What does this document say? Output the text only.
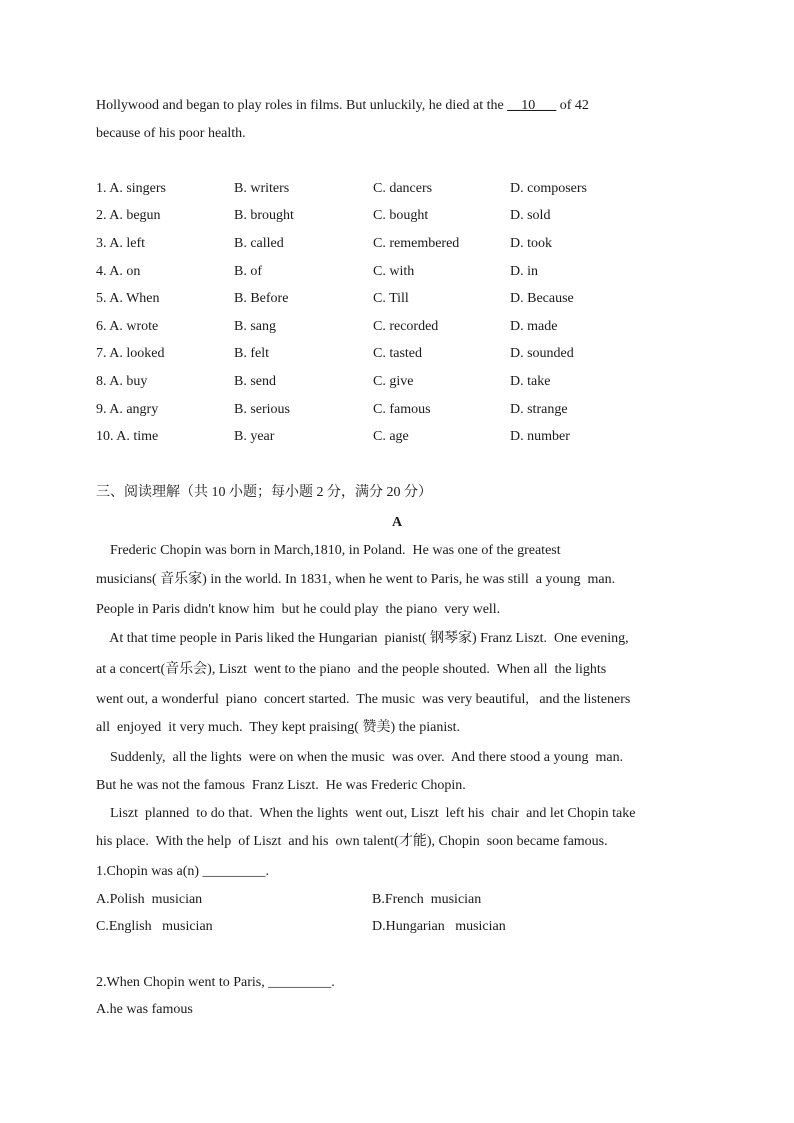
Hollywood and began to play roles in films. But unluckily, he died at the __10___ of 42
because of his poor health.
1. A. singers	B. writers	C. dancers	D. composers
2. A. begun	B. brought	C. bought	D. sold
3. A. left	B. called	C. remembered	D. took
4. A. on	B. of	C. with	D. in
5. A. When	B. Before	C. Till	D. Because
6. A. wrote	B. sang	C. recorded	D. made
7. A. looked	B. felt	C. tasted	D. sounded
8. A. buy	B. send	C. give	D. take
9. A. angry	B. serious	C. famous	D. strange
10. A. time	B. year	C. age	D. number
三、阅读理解（共 10 小题；每小题 2 分，满分 20 分）
A
Frederic Chopin was born in March,1810, in Poland.  He was one of the greatest
musicians( 音乐家) in the world. In 1831, when he went to Paris, he was still  a young  man.
People in Paris didn't know him  but he could play  the piano  very well.
At that time people in Paris liked the Hungarian  pianist( 钢琴家) Franz Liszt.  One evening,
at a concert(音乐会), Liszt  went to the piano  and the people shouted.  When all  the lights
went out, a wonderful  piano  concert started.  The music  was very beautiful,   and the listeners
all  enjoyed  it very much.  They kept praising( 赞美) the pianist.
Suddenly,  all the lights  were on when the music  was over.  And there stood a young  man.
But he was not the famous  Franz Liszt.  He was Frederic Chopin.
Liszt  planned  to do that.  When the lights  went out, Liszt  left his  chair  and let Chopin take
his place.  With the help  of Liszt  and his  own talent(才能), Chopin  soon became famous.
1.Chopin was a(n) _________.
A.Polish  musician	B.French  musician
C.English   musician	D.Hungarian   musician
2.When Chopin went to Paris, _________.
A.he was famous
